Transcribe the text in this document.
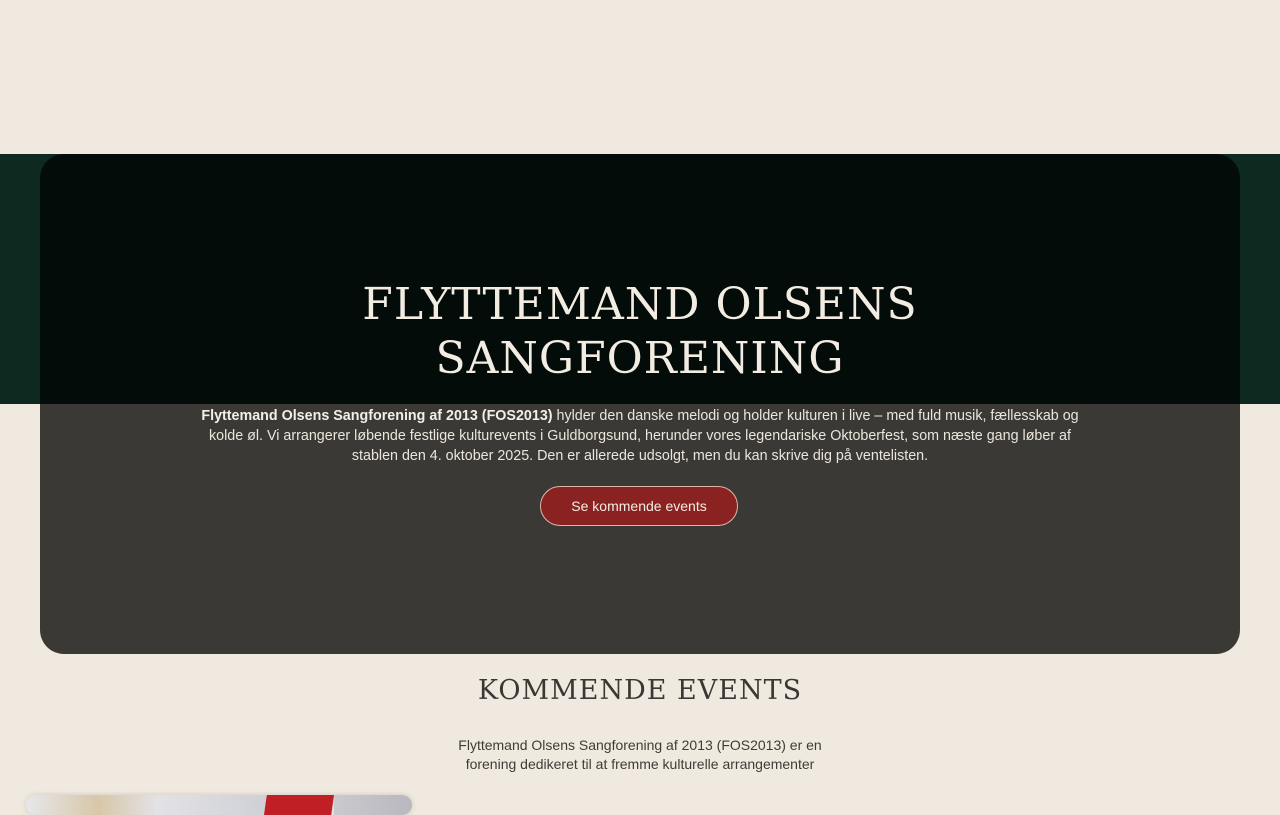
FLYTTEMAND OLSENS
SANGFORENING

Flyttemand Olsens Sangforening af 2013 (FOS2013) hylder den danske melodi og holder kulturen i live – med fuld musik, fællesskab og kolde øl. Vi arrangerer løbende festlige kulturevents i Guldborgsund, herunder vores legendariske Oktoberfest, som næste gang løber af stablen den 4. oktober 2025. Den er allerede udsolgt, men du kan skrive dig på ventelisten.

Se kommende events
KOMMENDE EVENTS

Flyttemand Olsens Sangforening af 2013 (FOS2013) er en forening dedikeret til at fremme kulturelle arrangementer
